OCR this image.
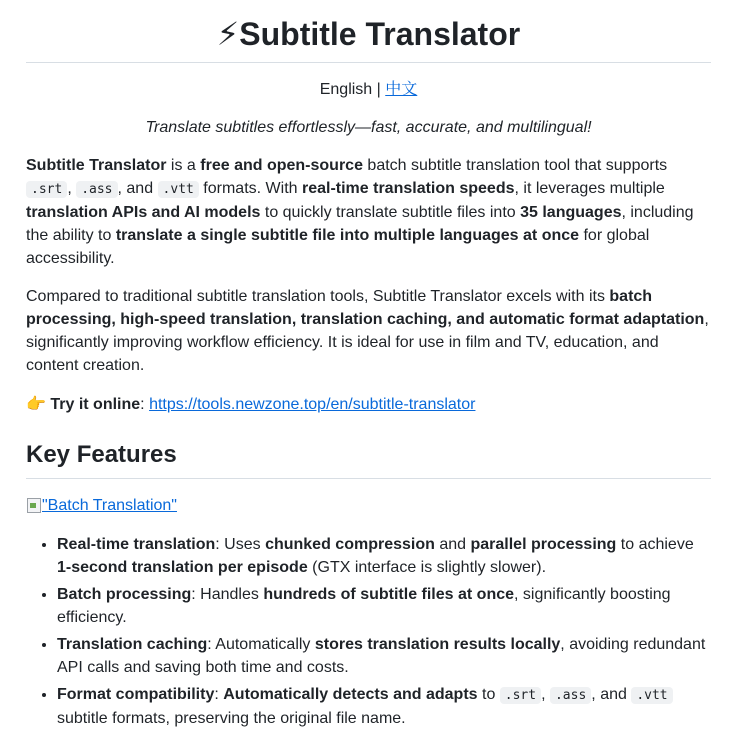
⚡Subtitle Translator
English | 中文

Translate subtitles effortlessly—fast, accurate, and multilingual!

Subtitle Translator is a free and open-source batch subtitle translation tool that supports .srt , .ass , and .vtt formats. With real-time translation speeds, it leverages multiple translation APIs and AI models to quickly translate subtitle files into 35 languages, including the ability to translate a single subtitle file into multiple languages at once for global accessibility.

Compared to traditional subtitle translation tools, Subtitle Translator excels with its batch processing, high-speed translation, translation caching, and automatic format adaptation, significantly improving workflow efficiency. It is ideal for use in film and TV, education, and content creation.

👉 Try it online: https://tools.newzone.top/en/subtitle-translator

Key Features
"Batch Translation"
• Real-time translation: Uses chunked compression and parallel processing to achieve 1-second translation per episode (GTX interface is slightly slower).
• Batch processing: Handles hundreds of subtitle files at once, significantly boosting efficiency.
• Translation caching: Automatically stores translation results locally, avoiding redundant API calls and saving both time and costs.
• Format compatibility: Automatically detects and adapts to .srt , .ass , and .vtt subtitle formats, preserving the original file name.
